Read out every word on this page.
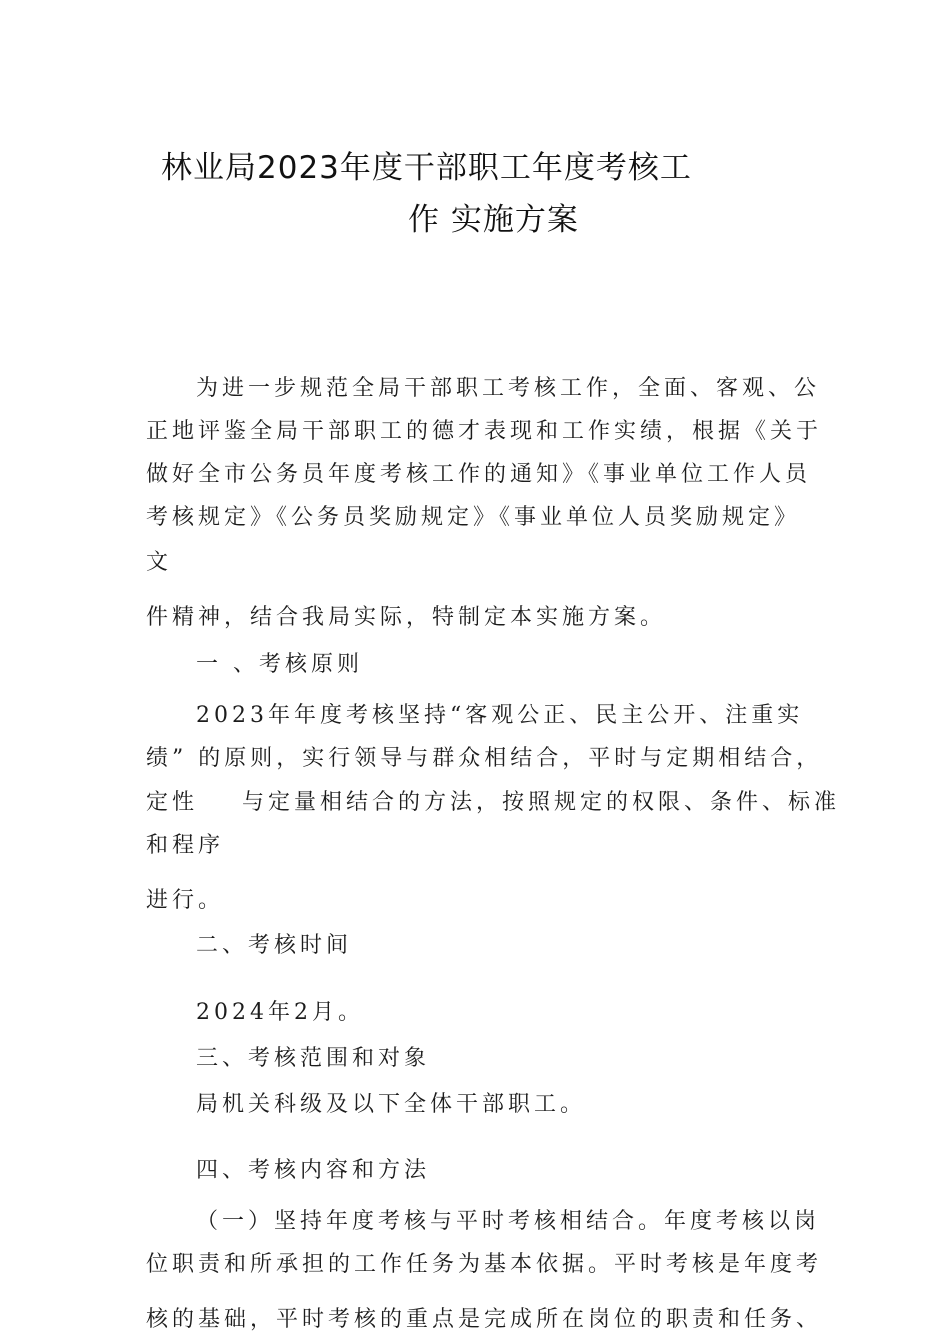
林业局2023年度干部职工年度考核工
作 实施方案
为进一步规范全局干部职工考核工作，全面、客观、公
正地评鉴全局干部职工的德才表现和工作实绩，根据《关于
做好全市公务员年度考核工作的通知》《事业单位工作人员
考核规定》《公务员奖励规定》《事业单位人员奖励规定》
文
件精神，结合我局实际，特制定本实施方案。
一 、考核原则
2023年年度考核坚持“客观公正、民主公开、注重实
绩” 的原则，实行领导与群众相结合，平时与定期相结合，
定性    与定量相结合的方法，按照规定的权限、条件、标准
和程序
进行。
二、考核时间
2024年2月。
三、考核范围和对象
局机关科级及以下全体干部职工。
四、考核内容和方法
（一）坚持年度考核与平时考核相结合。年度考核以岗
位职责和所承担的工作任务为基本依据。平时考核是年度考
核的基础，平时考核的重点是完成所在岗位的职责和任务、
